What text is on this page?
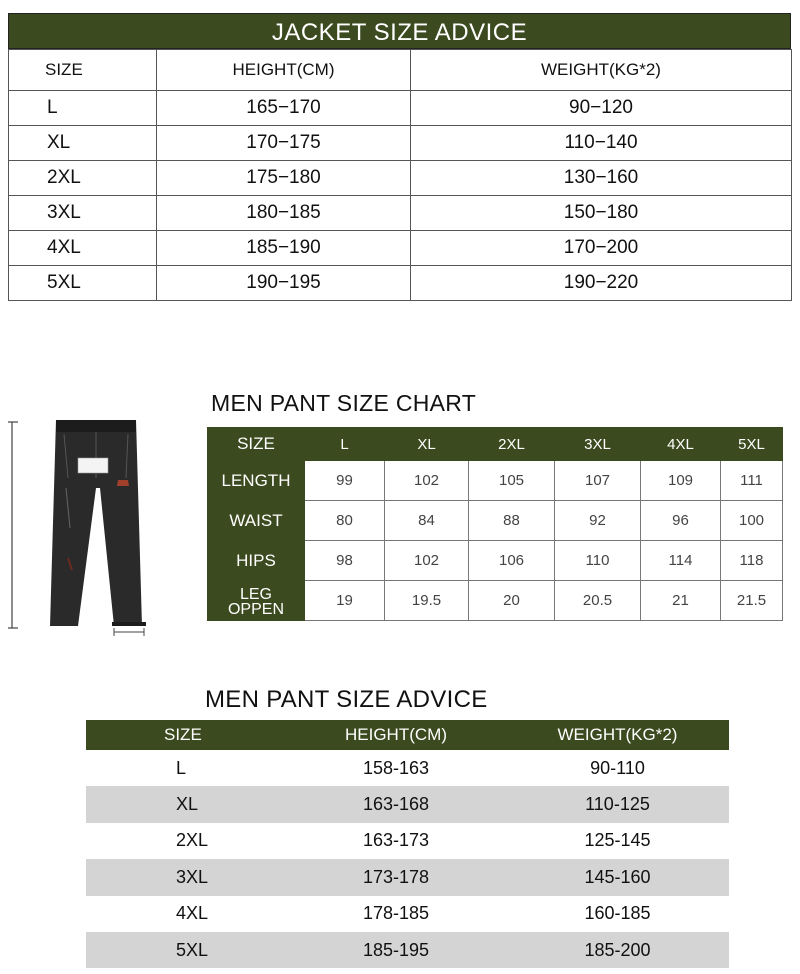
JACKET SIZE ADVICE
SIZE	HEIGHT(CM)	WEIGHT(KG*2)
L	165−170	90−120
XL	170−175	110−140
2XL	175−180	130−160
3XL	180−185	150−180
4XL	185−190	170−200
5XL	190−195	190−220
MEN PANT SIZE CHART
SIZE	L	XL	2XL	3XL	4XL	5XL
LENGTH	99	102	105	107	109	111
WAIST	80	84	88	92	96	100
HIPS	98	102	106	110	114	118
LEG
OPPEN	19	19.5	20	20.5	21	21.5
MEN PANT SIZE ADVICE
SIZE	HEIGHT(CM)	WEIGHT(KG*2)
L	158-163	90-110
XL	163-168	110-125
2XL	163-173	125-145
3XL	173-178	145-160
4XL	178-185	160-185
5XL	185-195	185-200
